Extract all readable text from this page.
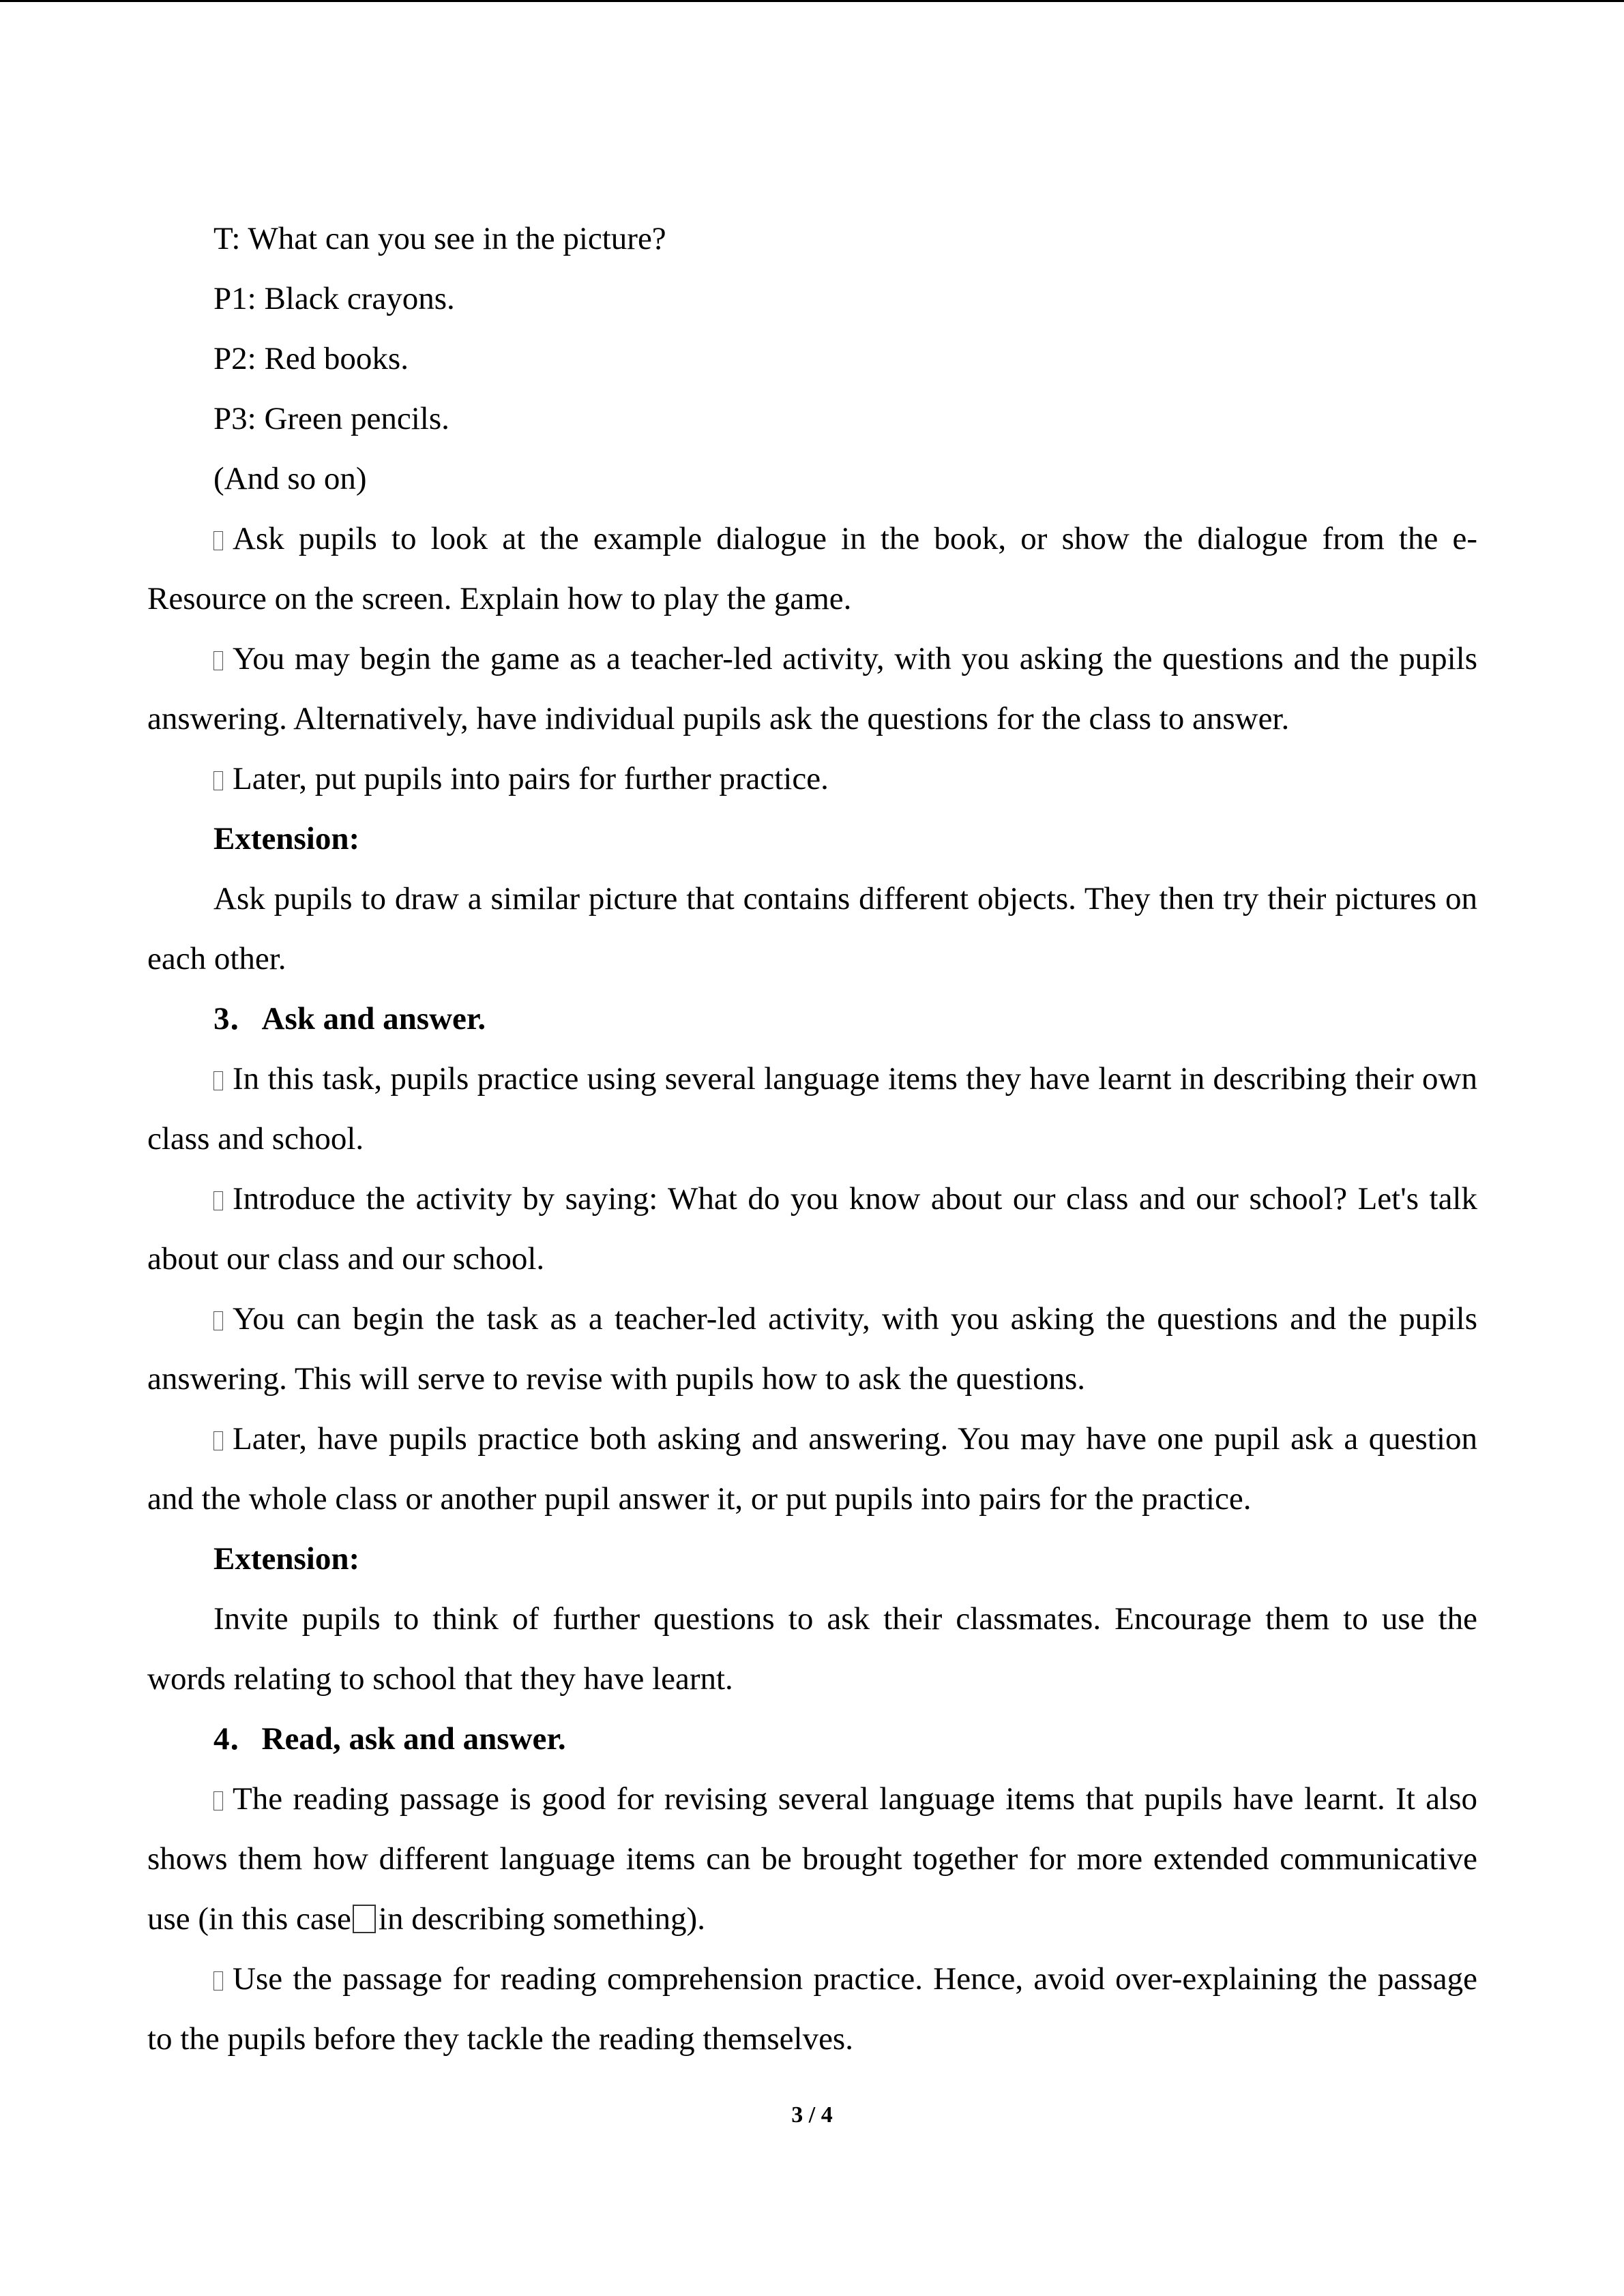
T: What can you see in the picture?
P1: Black crayons.
P2: Red books.
P3: Green pencils.
(And so on)

Ask pupils to look at the example dialogue in the book, or show the dialogue from the e-Resource on the screen. Explain how to play the game.

You may begin the game as a teacher-led activity, with you asking the questions and the pupils answering. Alternatively, have individual pupils ask the questions for the class to answer.

Later, put pupils into pairs for further practice.

Extension:

Ask pupils to draw a similar picture that contains different objects. They then try their pictures on each other.

3．Ask and answer.

In this task, pupils practice using several language items they have learnt in describing their own class and school.

Introduce the activity by saying: What do you know about our class and our school? Let's talk about our class and our school.

You can begin the task as a teacher-led activity, with you asking the questions and the pupils answering. This will serve to revise with pupils how to ask the questions.

Later, have pupils practice both asking and answering. You may have one pupil ask a question and the whole class or another pupil answer it, or put pupils into pairs for the practice.

Extension:

Invite pupils to think of further questions to ask their classmates. Encourage them to use the words relating to school that they have learnt.

4．Read, ask and answer.

The reading passage is good for revising several language items that pupils have learnt. It also shows them how different language items can be brought together for more extended communicative use (in this case in describing something).

Use the passage for reading comprehension practice. Hence, avoid over-explaining the passage to the pupils before they tackle the reading themselves.

3 / 4
